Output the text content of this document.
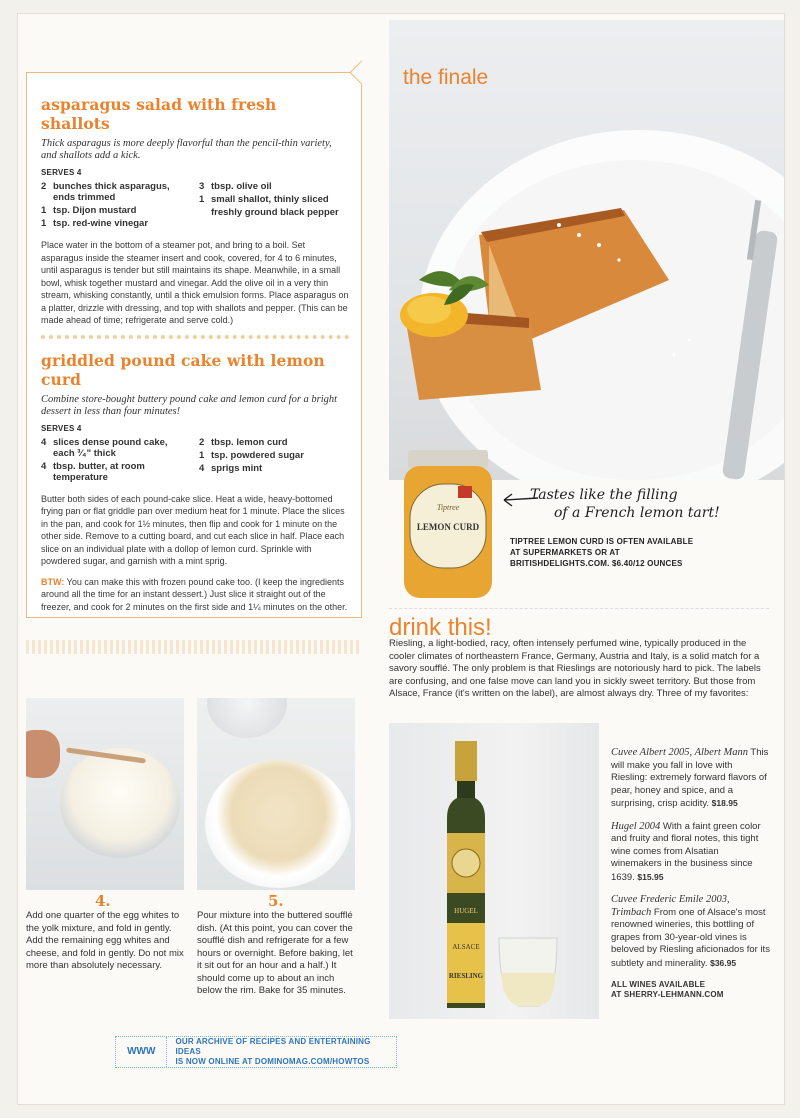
asparagus salad with fresh shallots
Thick asparagus is more deeply flavorful than the pencil-thin variety, and shallots add a kick.
SERVES 4
2 bunches thick asparagus, ends trimmed
1 tsp. Dijon mustard
1 tsp. red-wine vinegar
3 tbsp. olive oil
1 small shallot, thinly sliced
freshly ground black pepper
Place water in the bottom of a steamer pot, and bring to a boil. Set asparagus inside the steamer insert and cook, covered, for 4 to 6 minutes, until asparagus is tender but still maintains its shape. Meanwhile, in a small bowl, whisk together mustard and vinegar. Add the olive oil in a very thin stream, whisking constantly, until a thick emulsion forms. Place asparagus on a platter, drizzle with dressing, and top with shallots and pepper. (This can be made ahead of time; refrigerate and serve cold.)
griddled pound cake with lemon curd
Combine store-bought buttery pound cake and lemon curd for a bright dessert in less than four minutes!
SERVES 4
4 slices dense pound cake, each ³⁄₄" thick
4 tbsp. butter, at room temperature
2 tbsp. lemon curd
1 tsp. powdered sugar
4 sprigs mint
Butter both sides of each pound-cake slice. Heat a wide, heavy-bottomed frying pan or flat griddle pan over medium heat for 1 minute. Place the slices in the pan, and cook for 1½ minutes, then flip and cook for 1 minute on the other side. Remove to a cutting board, and cut each slice in half. Place each slice on an individual plate with a dollop of lemon curd. Sprinkle with powdered sugar, and garnish with a mint sprig.
BTW: You can make this with frozen pound cake too. (I keep the ingredients around all the time for an instant dessert.) Just slice it straight out of the freezer, and cook for 2 minutes on the first side and 1¼ minutes on the other.
4.
Add one quarter of the egg whites to the yolk mixture, and fold in gently. Add the remaining egg whites and cheese, and fold in gently. Do not mix more than absolutely necessary.
5.
Pour mixture into the buttered soufflé dish. (At this point, you can cover the soufflé dish and refrigerate for a few hours or overnight. Before baking, let it sit out for an hour and a half.) It should come up to about an inch below the rim. Bake for 35 minutes.
WWW
OUR ARCHIVE OF RECIPES AND ENTERTAINING IDEAS
IS NOW ONLINE AT DOMINOMAG.COM/HOWTOS
the finale
LEMON CURD
Tiptree
Tastes like the filling
of a French lemon tart!
TIPTREE LEMON CURD IS OFTEN AVAILABLE AT SUPERMARKETS OR AT BRITISHDELIGHTS.COM. $6.40/12 OUNCES
drink this!
Riesling, a light-bodied, racy, often intensely perfumed wine, typically produced in the cooler climates of northeastern France, Germany, Austria and Italy, is a solid match for a savory soufflé. The only problem is that Rieslings are notoriously hard to pick. The labels are confusing, and one false move can land you in sickly sweet territory. But those from Alsace, France (it's written on the label), are almost always dry. Three of my favorites:
ALSACE
RIESLING
HUGEL
Cuvee Albert 2005, Albert Mann This will make you fall in love with Riesling: extremely forward flavors of pear, honey and spice, and a surprising, crisp acidity. $18.95
Hugel 2004 With a faint green color and fruity and floral notes, this tight wine comes from Alsatian winemakers in the business since 1639. $15.95
Cuvee Frederic Emile 2003, Trimbach From one of Alsace's most renowned wineries, this bottling of grapes from 30-year-old vines is beloved by Riesling aficionados for its subtlety and minerality. $36.95
ALL WINES AVAILABLE
AT SHERRY-LEHMANN.COM
